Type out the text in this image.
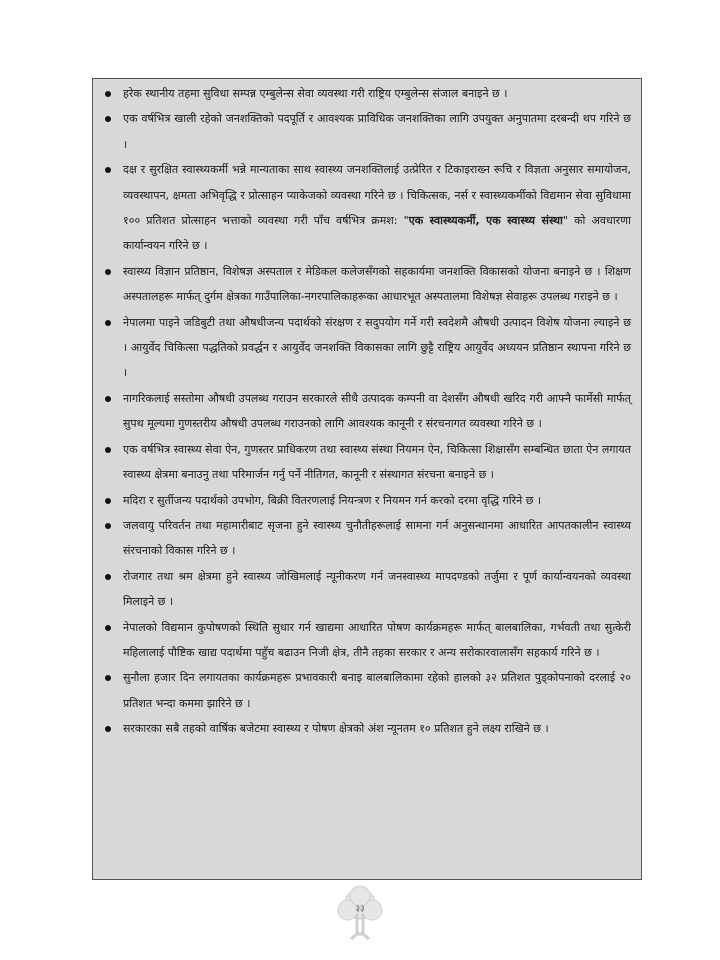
हरेक स्थानीय तहमा सुविधा सम्पन्न एम्बुलेन्स सेवा व्यवस्था गरी राष्ट्रिय एम्बुलेन्स संजाल बनाइने छ ।
एक वर्षभित्र खाली रहेको जनशक्तिको पदपूर्ति र आवश्यक प्राविधिक जनशक्तिका लागि उपयुक्त अनुपातमा दरबन्दी थप गरिने छ ।
दक्ष र सुरक्षित स्वास्थ्यकर्मी भन्ने मान्यताका साथ स्वास्थ्य जनशक्तिलाई उत्प्रेरित र टिकाइराख्न रूचि र विज्ञता अनुसार समायोजन, व्यवस्थापन, क्षमता अभिवृद्धि र प्रोत्साहन प्याकेजको व्यवस्था गरिने छ । चिकित्सक, नर्स र स्वास्थ्यकर्मीको विद्यमान सेवा सुविधामा १०० प्रतिशत प्रोत्साहन भत्ताको व्यवस्था गरी पाँच वर्षभित्र क्रमश: "एक स्वास्थ्यकर्मी, एक स्वास्थ्य संस्था" को अवधारणा कार्यान्वयन गरिने छ ।
स्वास्थ्य विज्ञान प्रतिष्ठान, विशेषज्ञ अस्पताल र मेडिकल कलेजसँगको सहकार्यमा जनशक्ति विकासको योजना बनाइने छ । शिक्षण अस्पतालहरू मार्फत् दुर्गम क्षेत्रका गाउँपालिका-नगरपालिकाहरूका आधारभूत अस्पतालमा विशेषज्ञ सेवाहरू उपलब्ध गराइने छ ।
नेपालमा पाइने जडिबुटी तथा औषधीजन्य पदार्थको संरक्षण र सदुपयोग गर्ने गरी स्वदेशमै औषधी उत्पादन विशेष योजना ल्याइने छ । आयुर्वेद चिकित्सा पद्धतिको प्रवर्द्धन र आयुर्वेद जनशक्ति विकासका लागि छुट्टै राष्ट्रिय आयुर्वेद अध्ययन प्रतिष्ठान स्थापना गरिने छ ।
नागरिकलाई सस्तोमा औषधी उपलब्ध गराउन सरकारले सीधै उत्पादक कम्पनी वा देशसँग औषधी खरिद गरी आफ्नै फार्मेसी मार्फत् सुपथ मूल्यमा गुणस्तरीय औषधी उपलब्ध गराउनको लागि आवश्यक कानूनी र संरचनागत व्यवस्था गरिने छ ।
एक वर्षभित्र स्वास्थ्य सेवा ऐन, गुणस्तर प्राधिकरण तथा स्वास्थ्य संस्था नियमन ऐन, चिकित्सा शिक्षासँग सम्बन्धित छाता ऐन लगायत स्वास्थ्य क्षेत्रमा बनाउनु तथा परिमार्जन गर्नु पर्ने नीतिगत, कानूनी र संस्थागत संरचना बनाइने छ ।
मदिरा र सुर्तीजन्य पदार्थको उपभोग, बिक्री वितरणलाई नियन्त्रण र नियमन गर्न करको दरमा वृद्धि गरिने छ ।
जलवायु परिवर्तन तथा महामारीबाट सृजना हुने स्वास्थ्य चुनौतीहरूलाई सामना गर्न अनुसन्धानमा आधारित आपतकालीन स्वास्थ्य संरचनाको विकास गरिने छ ।
रोजगार तथा श्रम क्षेत्रमा हुने स्वास्थ्य जोखिमलाई न्यूनीकरण गर्न जनस्वास्थ्य मापदण्डको तर्जुमा र पूर्ण कार्यान्वयनको व्यवस्था मिलाइने छ ।
नेपालको विद्यमान कुपोषणको स्थिति सुधार गर्न खाद्यमा आधारित पोषण कार्यक्रमहरू मार्फत् बालबालिका, गर्भवती तथा सुत्केरी महिलालाई पौष्टिक खाद्य पदार्थमा पहुँच बढाउन निजी क्षेत्र, तीनै तहका सरकार र अन्य सरोकारवालासँग सहकार्य गरिने छ ।
सुनौला हजार दिन लगायतका कार्यक्रमहरू प्रभावकारी बनाइ बालबालिकामा रहेको हालको ३२ प्रतिशत पुड्कोपनाको दरलाई २० प्रतिशत भन्दा कममा झारिने छ ।
सरकारका सबै तहको वार्षिक बजेटमा स्वास्थ्य र पोषण क्षेत्रको अंश न्यूनतम १० प्रतिशत हुने लक्ष्य राखिने छ ।
३३
